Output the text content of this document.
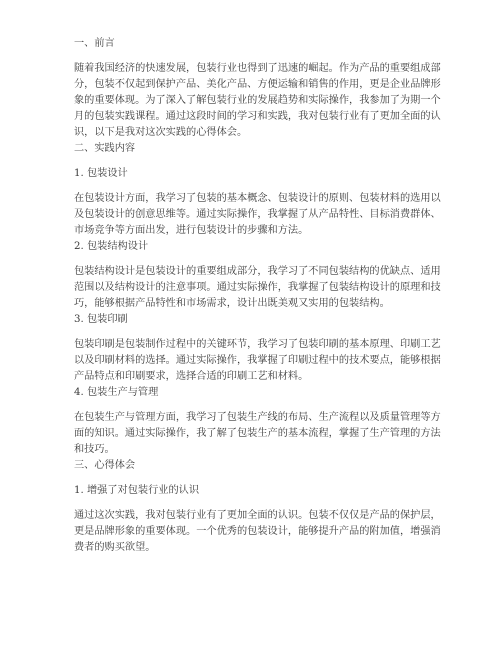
一、前言

随着我国经济的快速发展，包装行业也得到了迅速的崛起。作为产品的重要组成部

分，包装不仅起到保护产品、美化产品、方便运输和销售的作用，更是企业品牌形

象的重要体现。为了深入了解包装行业的发展趋势和实际操作，我参加了为期一个

月的包装实践课程。通过这段时间的学习和实践，我对包装行业有了更加全面的认

识，以下是我对这次实践的心得体会。

二、实践内容

1. 包装设计

在包装设计方面，我学习了包装的基本概念、包装设计的原则、包装材料的选用以

及包装设计的创意思维等。通过实际操作，我掌握了从产品特性、目标消费群体、

市场竞争等方面出发，进行包装设计的步骤和方法。

2. 包装结构设计

包装结构设计是包装设计的重要组成部分，我学习了不同包装结构的优缺点、适用

范围以及结构设计的注意事项。通过实际操作，我掌握了包装结构设计的原理和技

巧，能够根据产品特性和市场需求，设计出既美观又实用的包装结构。

3. 包装印刷

包装印刷是包装制作过程中的关键环节，我学习了包装印刷的基本原理、印刷工艺

以及印刷材料的选择。通过实际操作，我掌握了印刷过程中的技术要点，能够根据

产品特点和印刷要求，选择合适的印刷工艺和材料。

4. 包装生产与管理

在包装生产与管理方面，我学习了包装生产线的布局、生产流程以及质量管理等方

面的知识。通过实际操作，我了解了包装生产的基本流程，掌握了生产管理的方法

和技巧。

三、心得体会

1. 增强了对包装行业的认识

通过这次实践，我对包装行业有了更加全面的认识。包装不仅仅是产品的保护层，

更是品牌形象的重要体现。一个优秀的包装设计，能够提升产品的附加值，增强消

费者的购买欲望。
